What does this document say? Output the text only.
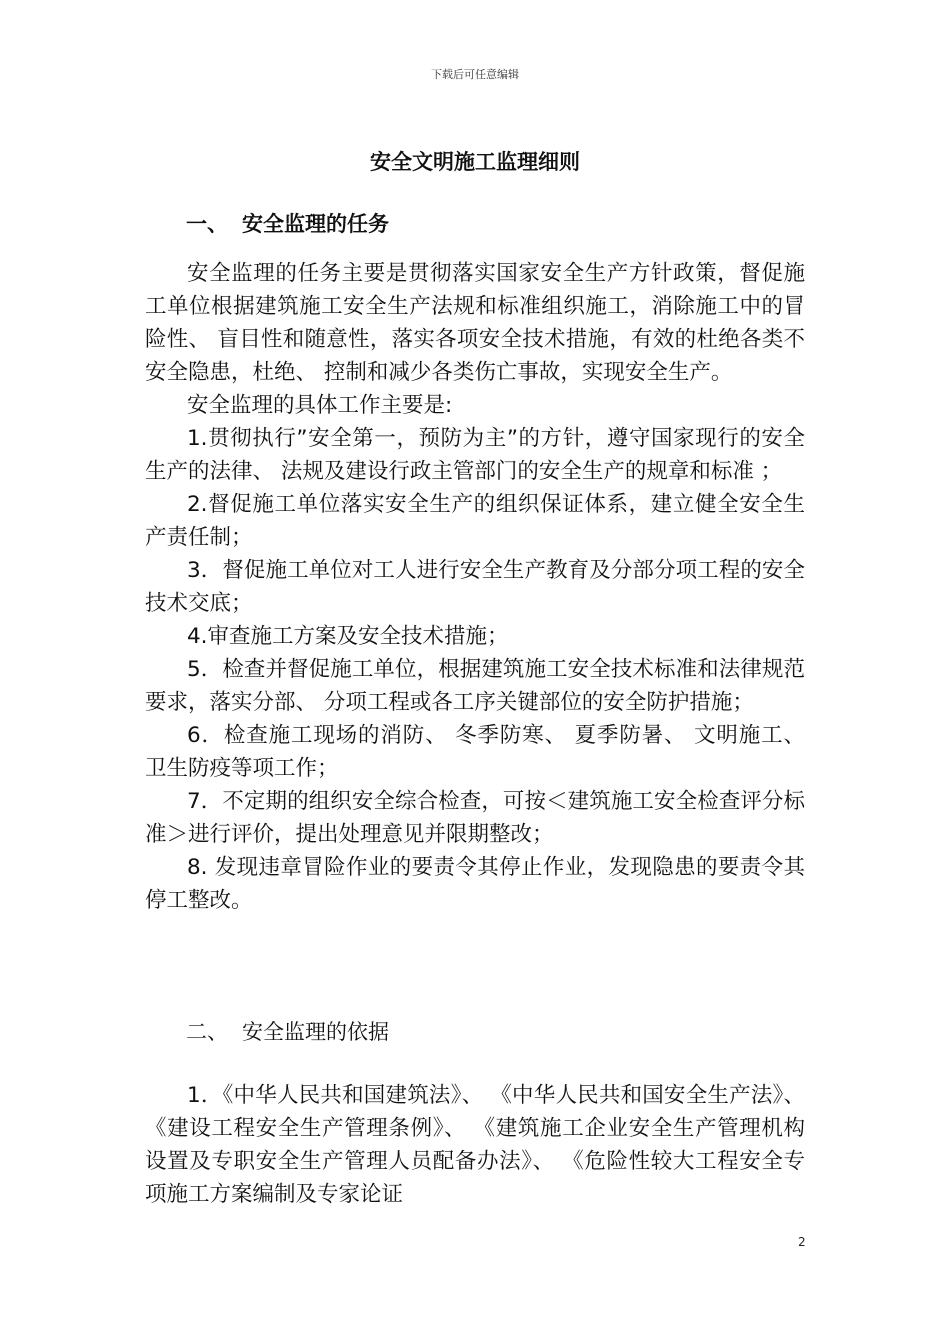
下载后可任意编辑
安全文明施工监理细则
一、 安全监理的任务

安全监理的任务主要是贯彻落实国家安全生产方针政策，督促施工单位根据建筑施工安全生产法规和标准组织施工，消除施工中的冒险性、 盲目性和随意性，落实各项安全技术措施，有效的杜绝各类不安全隐患，杜绝、 控制和减少各类伤亡事故，实现安全生产。

安全监理的具体工作主要是:

1.贯彻执行”安全第一，预防为主”的方针，遵守国家现行的安全生产的法律、 法规及建设行政主管部门的安全生产的规章和标准 ；

2.督促施工单位落实安全生产的组织保证体系，建立健全安全生产责任制；

3．督促施工单位对工人进行安全生产教育及分部分项工程的安全技术交底；

4.审查施工方案及安全技术措施；

5．检查并督促施工单位，根据建筑施工安全技术标准和法律规范要求，落实分部、 分项工程或各工序关键部位的安全防护措施；

6．检查施工现场的消防、 冬季防寒、 夏季防暑、 文明施工、 卫生防疫等项工作；

7．不定期的组织安全综合检查，可按＜建筑施工安全检查评分标准＞进行评价，提出处理意见并限期整改；

8. 发现违章冒险作业的要责令其停止作业，发现隐患的要责令其停工整改。

二、 安全监理的依据

1．《中华人民共和国建筑法》、 《中华人民共和国安全生产法》、 《建设工程安全生产管理条例》、 《建筑施工企业安全生产管理机构设置及专职安全生产管理人员配备办法》、 《危险性较大工程安全专项施工方案编制及专家论证

2
